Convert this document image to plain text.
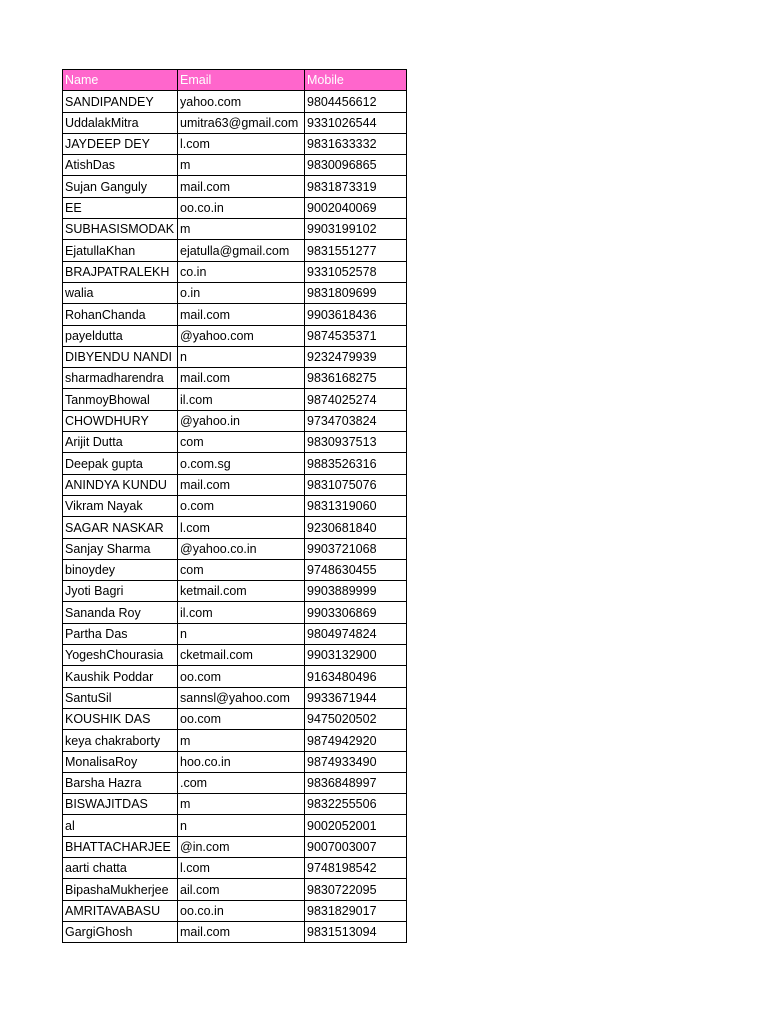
Name	Email	Mobile
SANDIPANDEY	yahoo.com	9804456612
UddalakMitra	umitra63@gmail.com	9331026544
JAYDEEP DEY	l.com	9831633332
AtishDas	m	9830096865
Sujan Ganguly	mail.com	9831873319
EE	oo.co.in	9002040069
SUBHASISMODAK	m	9903199102
EjatullaKhan	ejatulla@gmail.com	9831551277
BRAJPATRALEKH	co.in	9331052578
walia	o.in	9831809699
RohanChanda	mail.com	9903618436
payeldutta	@yahoo.com	9874535371
DIBYENDU NANDI	n	9232479939
sharmadharendra	mail.com	9836168275
TanmoyBhowal	il.com	9874025274
CHOWDHURY	@yahoo.in	9734703824
Arijit Dutta	com	9830937513
Deepak gupta	o.com.sg	9883526316
ANINDYA KUNDU	mail.com	9831075076
Vikram Nayak	o.com	9831319060
SAGAR NASKAR	l.com	9230681840
Sanjay Sharma	@yahoo.co.in	9903721068
binoydey	com	9748630455
Jyoti Bagri	ketmail.com	9903889999
Sananda Roy	il.com	9903306869
Partha Das	n	9804974824
YogeshChourasia	cketmail.com	9903132900
Kaushik Poddar	oo.com	9163480496
SantuSil	sannsl@yahoo.com	9933671944
KOUSHIK DAS	oo.com	9475020502
keya chakraborty	m	9874942920
MonalisaRoy	hoo.co.in	9874933490
Barsha Hazra	.com	9836848997
BISWAJITDAS	m	9832255506
al	n	9002052001
BHATTACHARJEE	@in.com	9007003007
aarti chatta	l.com	9748198542
BipashaMukherjee	ail.com	9830722095
AMRITAVABASU	oo.co.in	9831829017
GargiGhosh	mail.com	9831513094
